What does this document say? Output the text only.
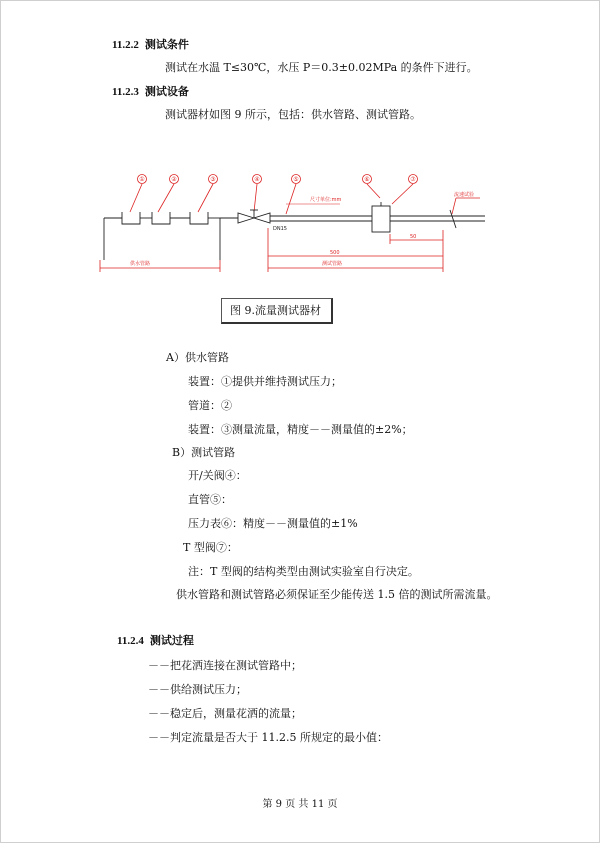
11.2.2 测试条件
测试在水温 T≤30℃，水压 P＝0.3±0.02MPa 的条件下进行。
11.2.3 测试设备
测试器材如图 9 所示，包括：供水管路、测试管路。
①	②	③	④	⑤	⑥	⑦
尺寸单位:mm
流速试验
供水管路	测试管路
500
50
DN15
图 9.流量测试器材
A）供水管路
装置：①提供并维持测试压力；
管道：②
装置：③测量流量，精度－－测量值的±2%；
B）测试管路
开/关阀④：
直管⑤：
压力表⑥：精度－－测量值的±1%
T 型阀⑦：
注：T 型阀的结构类型由测试实验室自行决定。
供水管路和测试管路必须保证至少能传送 1.5 倍的测试所需流量。
11.2.4 测试过程
－－把花洒连接在测试管路中；
－－供给测试压力；
－－稳定后，测量花洒的流量；
－－判定流量是否大于 11.2.5 所规定的最小值：
第 9 页 共 11 页
